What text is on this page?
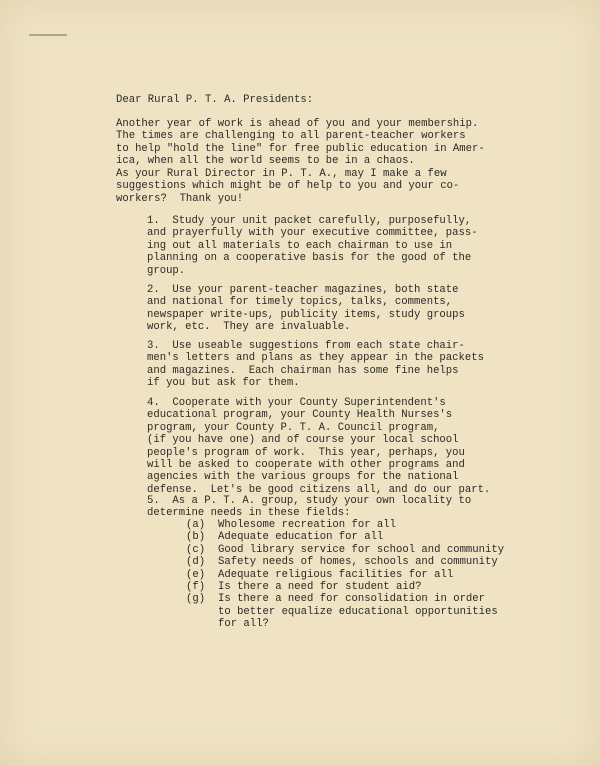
Dear Rural P. T. A. Presidents:
Another year of work is ahead of you and your membership.
The times are challenging to all parent-teacher workers
to help "hold the line" for free public education in Amer-
ica, when all the world seems to be in a chaos.
As your Rural Director in P. T. A., may I make a few
suggestions which might be of help to you and your co-
workers?  Thank you!
1.  Study your unit packet carefully, purposefully,
and prayerfully with your executive committee, pass-
ing out all materials to each chairman to use in
planning on a cooperative basis for the good of the
group.
2.  Use your parent-teacher magazines, both state
and national for timely topics, talks, comments,
newspaper write-ups, publicity items, study groups
work, etc.  They are invaluable.
3.  Use useable suggestions from each state chair-
men's letters and plans as they appear in the packets
and magazines.  Each chairman has some fine helps
if you but ask for them.
4.  Cooperate with your County Superintendent's
educational program, your County Health Nurses's
program, your County P. T. A. Council program,
(if you have one) and of course your local school
people's program of work.  This year, perhaps, you
will be asked to cooperate with other programs and
agencies with the various groups for the national
defense.  Let's be good citizens all, and do our part.
5.  As a P. T. A. group, study your own locality to
determine needs in these fields:
(a)	Wholesome recreation for all
(b)	Adequate education for all
(c)	Good library service for school and community
(d)	Safety needs of homes, schools and community
(e)	Adequate religious facilities for all
(f)	Is there a need for student aid?
(g)	Is there a need for consolidation in order
to better equalize educational opportunities
for all?
